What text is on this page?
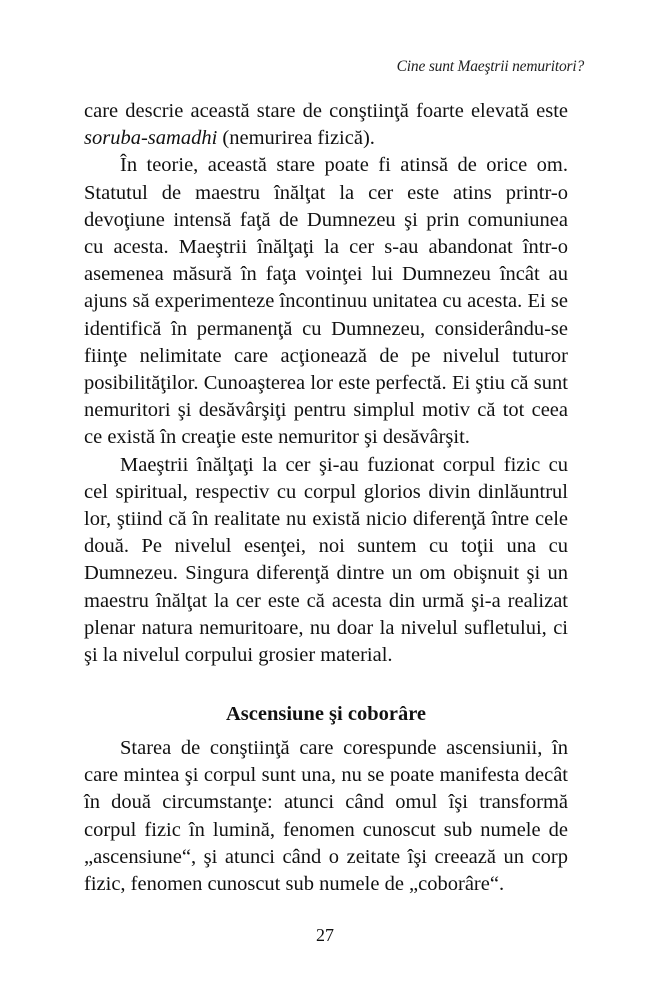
Cine sunt Maeştrii nemuritori?

care descrie această stare de conştiinţă foarte elevată este soruba-samadhi (nemurirea fizică).

În teorie, această stare poate fi atinsă de orice om. Statutul de maestru înălţat la cer este atins printr-o devoţiune intensă faţă de Dumnezeu şi prin comuniunea cu acesta. Maeştrii înălţaţi la cer s-au abandonat într-o asemenea măsură în faţa voinţei lui Dumnezeu încât au ajuns să experimenteze încontinuu unitatea cu acesta. Ei se identifică în permanenţă cu Dumnezeu, considerându-se fiinţe nelimitate care acţionează de pe nivelul tuturor posibilităţilor. Cunoaşterea lor este perfectă. Ei ştiu că sunt nemuritori şi desăvârşiţi pentru simplul motiv că tot ceea ce există în creaţie este nemuritor şi desăvârşit.

Maeştrii înălţaţi la cer şi-au fuzionat corpul fizic cu cel spiritual, respectiv cu corpul glorios divin dinlăuntrul lor, ştiind că în realitate nu există nicio diferenţă între cele două. Pe nivelul esenţei, noi suntem cu toţii una cu Dumnezeu. Singura diferenţă dintre un om obişnuit şi un maestru înălţat la cer este că acesta din urmă şi-a realizat plenar natura nemuritoare, nu doar la nivelul sufletului, ci şi la nivelul corpului grosier material.

Ascensiune şi coborâre

Starea de conştiinţă care corespunde ascensiunii, în care mintea şi corpul sunt una, nu se poate manifesta decât în două circumstanţe: atunci când omul îşi transformă corpul fizic în lumină, fenomen cunoscut sub numele de „ascensiune“, şi atunci când o zeitate îşi creează un corp fizic, fenomen cunoscut sub numele de „coborâre“.

27
